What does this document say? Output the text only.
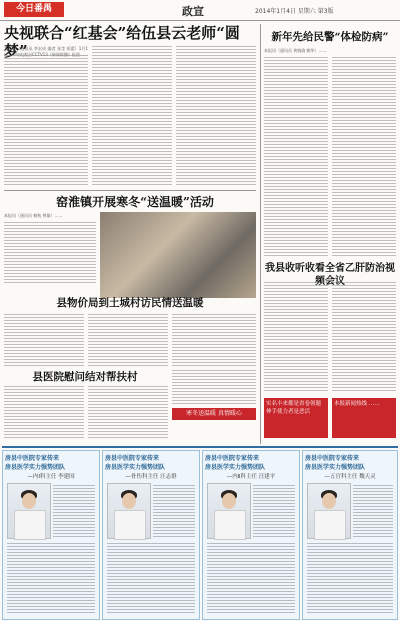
今日番禺	政宣	2014年1月4日 星期六 第3版
央视联合“红基会”给伍县云老师“圆梦”
本报讯（通讯员 李宏成 编者 张莹 胡蕾）1月1日，中央电视台CCTV13《新闻联播》报道……
窑淮镇开展寒冬“送温暖”活动
本报讯（通讯员 赖秋 曾雄）……
县物价局到土城村访民情送温暖
县医院慰问结对帮扶村
寒冬送温暖 真情暖心
新年先给民警“体检防病”
本报讯（通讯员 黄婉瑜 赖华）……
我县收听收看全省乙肝防治视频会议
实名丰来都是省卷领题 伸手使力者是恶活
本报新闻热线 ……
房县中医院专家传来
房县医学实力强势团队
—内Ⅰ科主任 李建国
房县中医院专家传来
房县医学实力强势团队
—骨伤科主任 汪志群
房县中医院专家传来
房县医学实力强势团队
—内Ⅱ科主任 汪建平
房县中医院专家传来
房县医学实力强势团队
—五官科主任 魏天灵
